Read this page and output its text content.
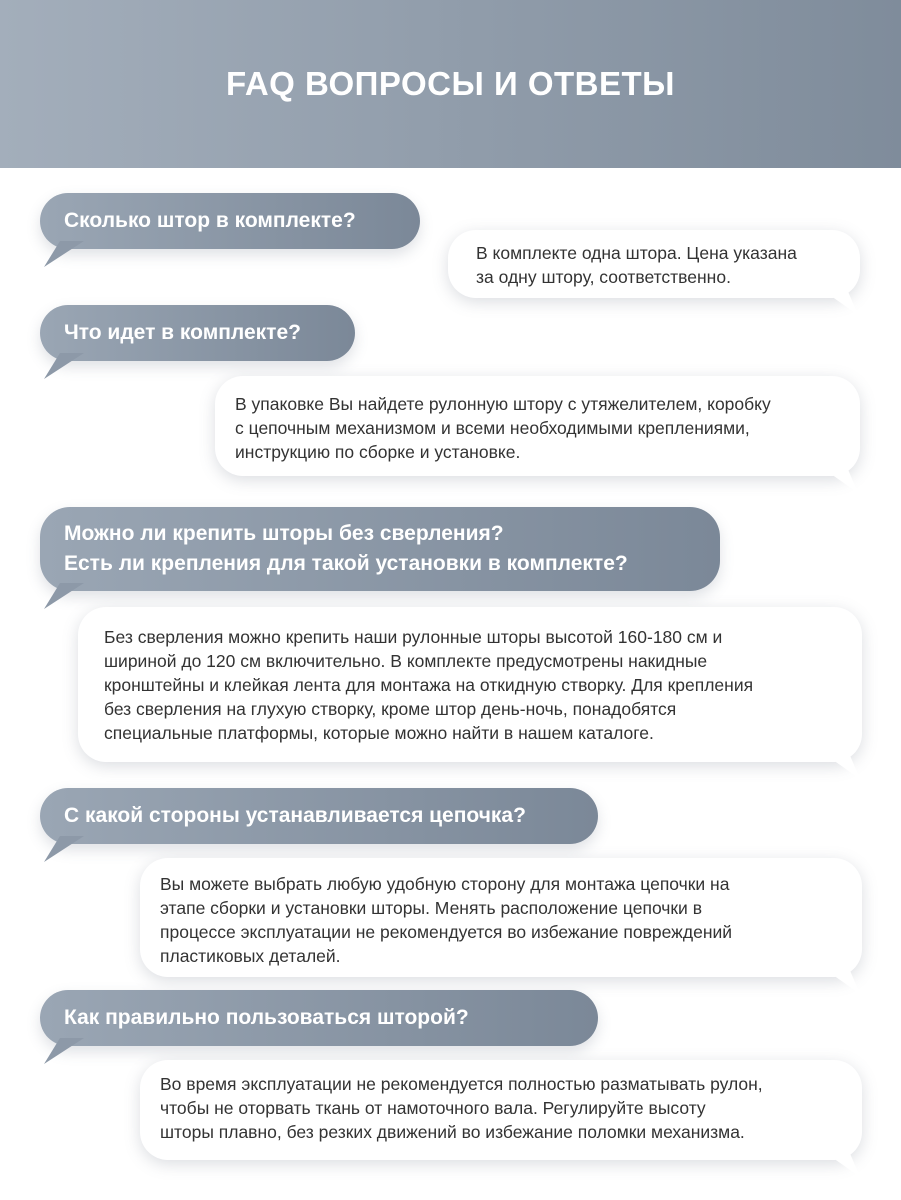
FAQ ВОПРОСЫ И ОТВЕТЫ
Сколько штор в комплекте?
В комплекте одна штора. Цена указана
за одну штору, соответственно.
Что идет в комплекте?
В упаковке Вы найдете рулонную штору с утяжелителем, коробку
с цепочным механизмом и всеми необходимыми креплениями,
инструкцию по сборке и установке.
Можно ли крепить шторы без сверления?
Есть ли крепления для такой установки в комплекте?
Без сверления можно крепить наши рулонные шторы высотой 160-180 см и
шириной до 120 см включительно. В комплекте предусмотрены накидные
кронштейны и клейкая лента для монтажа на откидную створку. Для крепления
без сверления на глухую створку, кроме штор день-ночь, понадобятся
специальные платформы, которые можно найти в нашем каталоге.
С какой стороны устанавливается цепочка?
Вы можете выбрать любую удобную сторону для монтажа цепочки на
этапе сборки и установки шторы. Менять расположение цепочки в
процессе эксплуатации не рекомендуется во избежание повреждений
пластиковых деталей.
Как правильно пользоваться шторой?
Во время эксплуатации не рекомендуется полностью разматывать рулон,
чтобы не оторвать ткань от намоточного вала. Регулируйте высоту
шторы плавно, без резких движений во избежание поломки механизма.
